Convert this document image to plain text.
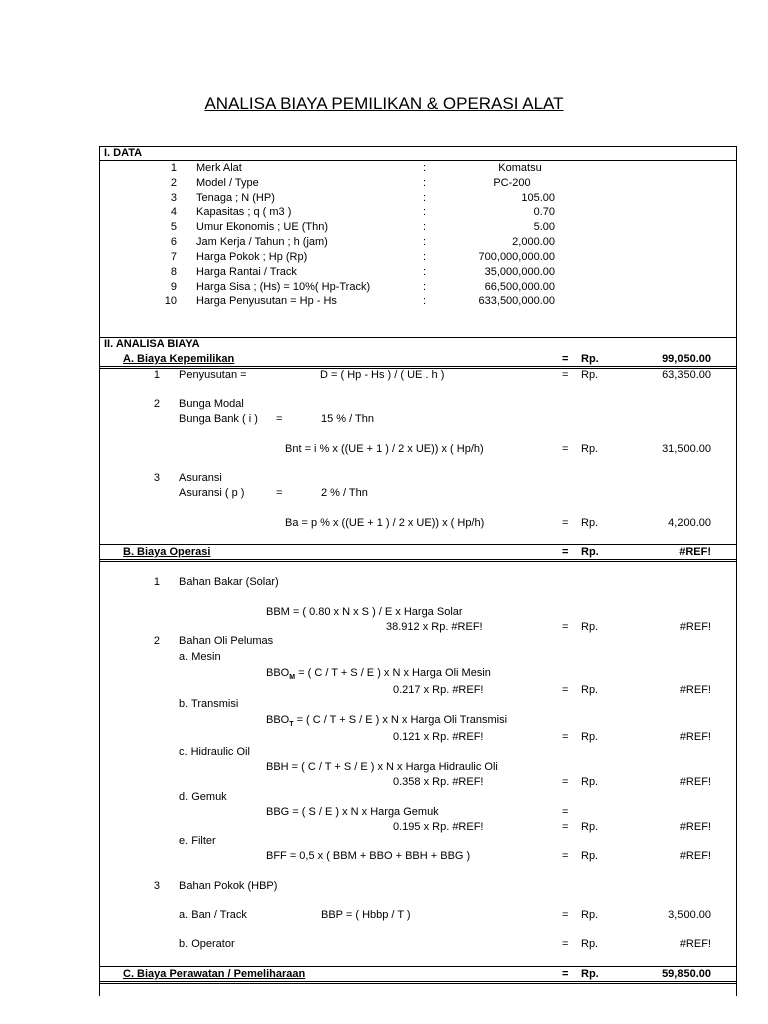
ANALISA BIAYA PEMILIKAN & OPERASI ALAT
I. DATA
1 Merk Alat	:	Komatsu
2 Model / Type	:	PC-200
3 Tenaga ; N (HP)	:	105.00
4 Kapasitas ; q ( m3 )	:	0.70
5 Umur Ekonomis ; UE (Thn)	:	5.00
6 Jam Kerja / Tahun ; h (jam)	:	2,000.00
7 Harga Pokok ; Hp (Rp)	:	700,000,000.00
8 Harga Rantai / Track	:	35,000,000.00
9 Harga Sisa ; (Hs) = 10%( Hp-Track)	:	66,500,000.00
10 Harga Penyusutan = Hp - Hs	:	633,500,000.00
II. ANALISA BIAYA
A. Biaya Kepemilikan	= Rp.	99,050.00
1 Penyusutan =	D = ( Hp - Hs ) / ( UE . h )	= Rp.	63,350.00
2 Bunga Modal
Bunga Bank ( i ) =	15 % / Thn
Bnt = i % x ((UE + 1 ) / 2 x UE)) x ( Hp/h)	= Rp.	31,500.00
3 Asuransi
Asuransi ( p )	=	2 % / Thn
Ba = p % x ((UE + 1 ) / 2 x UE)) x ( Hp/h)	= Rp.	4,200.00
B. Biaya Operasi	= Rp.	#REF!
1 Bahan Bakar (Solar)
BBM = ( 0.80 x N x S ) / E x Harga Solar
38.912 x Rp. #REF!	= Rp.	#REF!
2 Bahan Oli Pelumas
a. Mesin
$BBO_M$ = ( C / T + S / E ) x N x Harga Oli Mesin
0.217 x Rp. #REF!	= Rp.	#REF!
b. Transmisi
$BBO_T$ = ( C / T + S / E ) x N x Harga Oli Transmisi
0.121 x Rp. #REF!	= Rp.	#REF!
c. Hidraulic Oil
BBH = ( C / T + S / E ) x N x Harga Hidraulic Oli
0.358 x Rp. #REF!	= Rp.	#REF!
d. Gemuk
BBG = ( S / E ) x N x Harga Gemuk	=
0.195 x Rp. #REF!	= Rp.	#REF!
e. Filter
BFF = 0,5 x ( BBM + BBO + BBH + BBG )	= Rp.	#REF!
3 Bahan Pokok (HBP)
a. Ban / Track	BBP = ( Hbbp / T )	= Rp.	3,500.00
b. Operator	= Rp.	#REF!
C. Biaya Perawatan / Pemeliharaan	= Rp.	59,850.00
